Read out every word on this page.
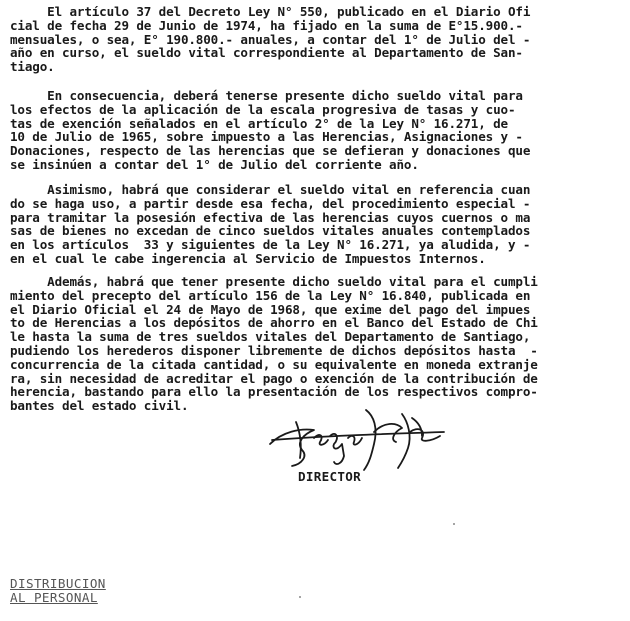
El artículo 37 del Decreto Ley N° 550, publicado en el Diario Ofi
cial de fecha 29 de Junio de 1974, ha fijado en la suma de E°15.900.-
mensuales, o sea, E° 190.800.- anuales, a contar del 1° de Julio del -
año en curso, el sueldo vital correspondiente al Departamento de San-
tiago.
En consecuencia, deberá tenerse presente dicho sueldo vital para
los efectos de la aplicación de la escala progresiva de tasas y cuo-
tas de exención señalados en el artículo 2° de la Ley N° 16.271, de
10 de Julio de 1965, sobre impuesto a las Herencias, Asignaciones y -
Donaciones, respecto de las herencias que se defieran y donaciones que
se insinúen a contar del 1° de Julio del corriente año.
Asimismo, habrá que considerar el sueldo vital en referencia cuan
do se haga uso, a partir desde esa fecha, del procedimiento especial -
para tramitar la posesión efectiva de las herencias cuyos cuernos o ma
sas de bienes no excedan de cinco sueldos vitales anuales contemplados
en los artículos  33 y siguientes de la Ley N° 16.271, ya aludida, y -
en el cual le cabe ingerencia al Servicio de Impuestos Internos.
Además, habrá que tener presente dicho sueldo vital para el cumpli
miento del precepto del artículo 156 de la Ley N° 16.840, publicada en
el Diario Oficial el 24 de Mayo de 1968, que exime del pago del impues
to de Herencias a los depósitos de ahorro en el Banco del Estado de Chi
le hasta la suma de tres sueldos vitales del Departamento de Santiago,
pudiendo los herederos disponer libremente de dichos depósitos hasta  -
concurrencia de la citada cantidad, o su equivalente en moneda extranje
ra, sin necesidad de acreditar el pago o exención de la contribución de
herencia, bastando para ello la presentación de los respectivos compro-
bantes del estado civil.
DIRECTOR
DISTRIBUCION
AL PERSONAL
